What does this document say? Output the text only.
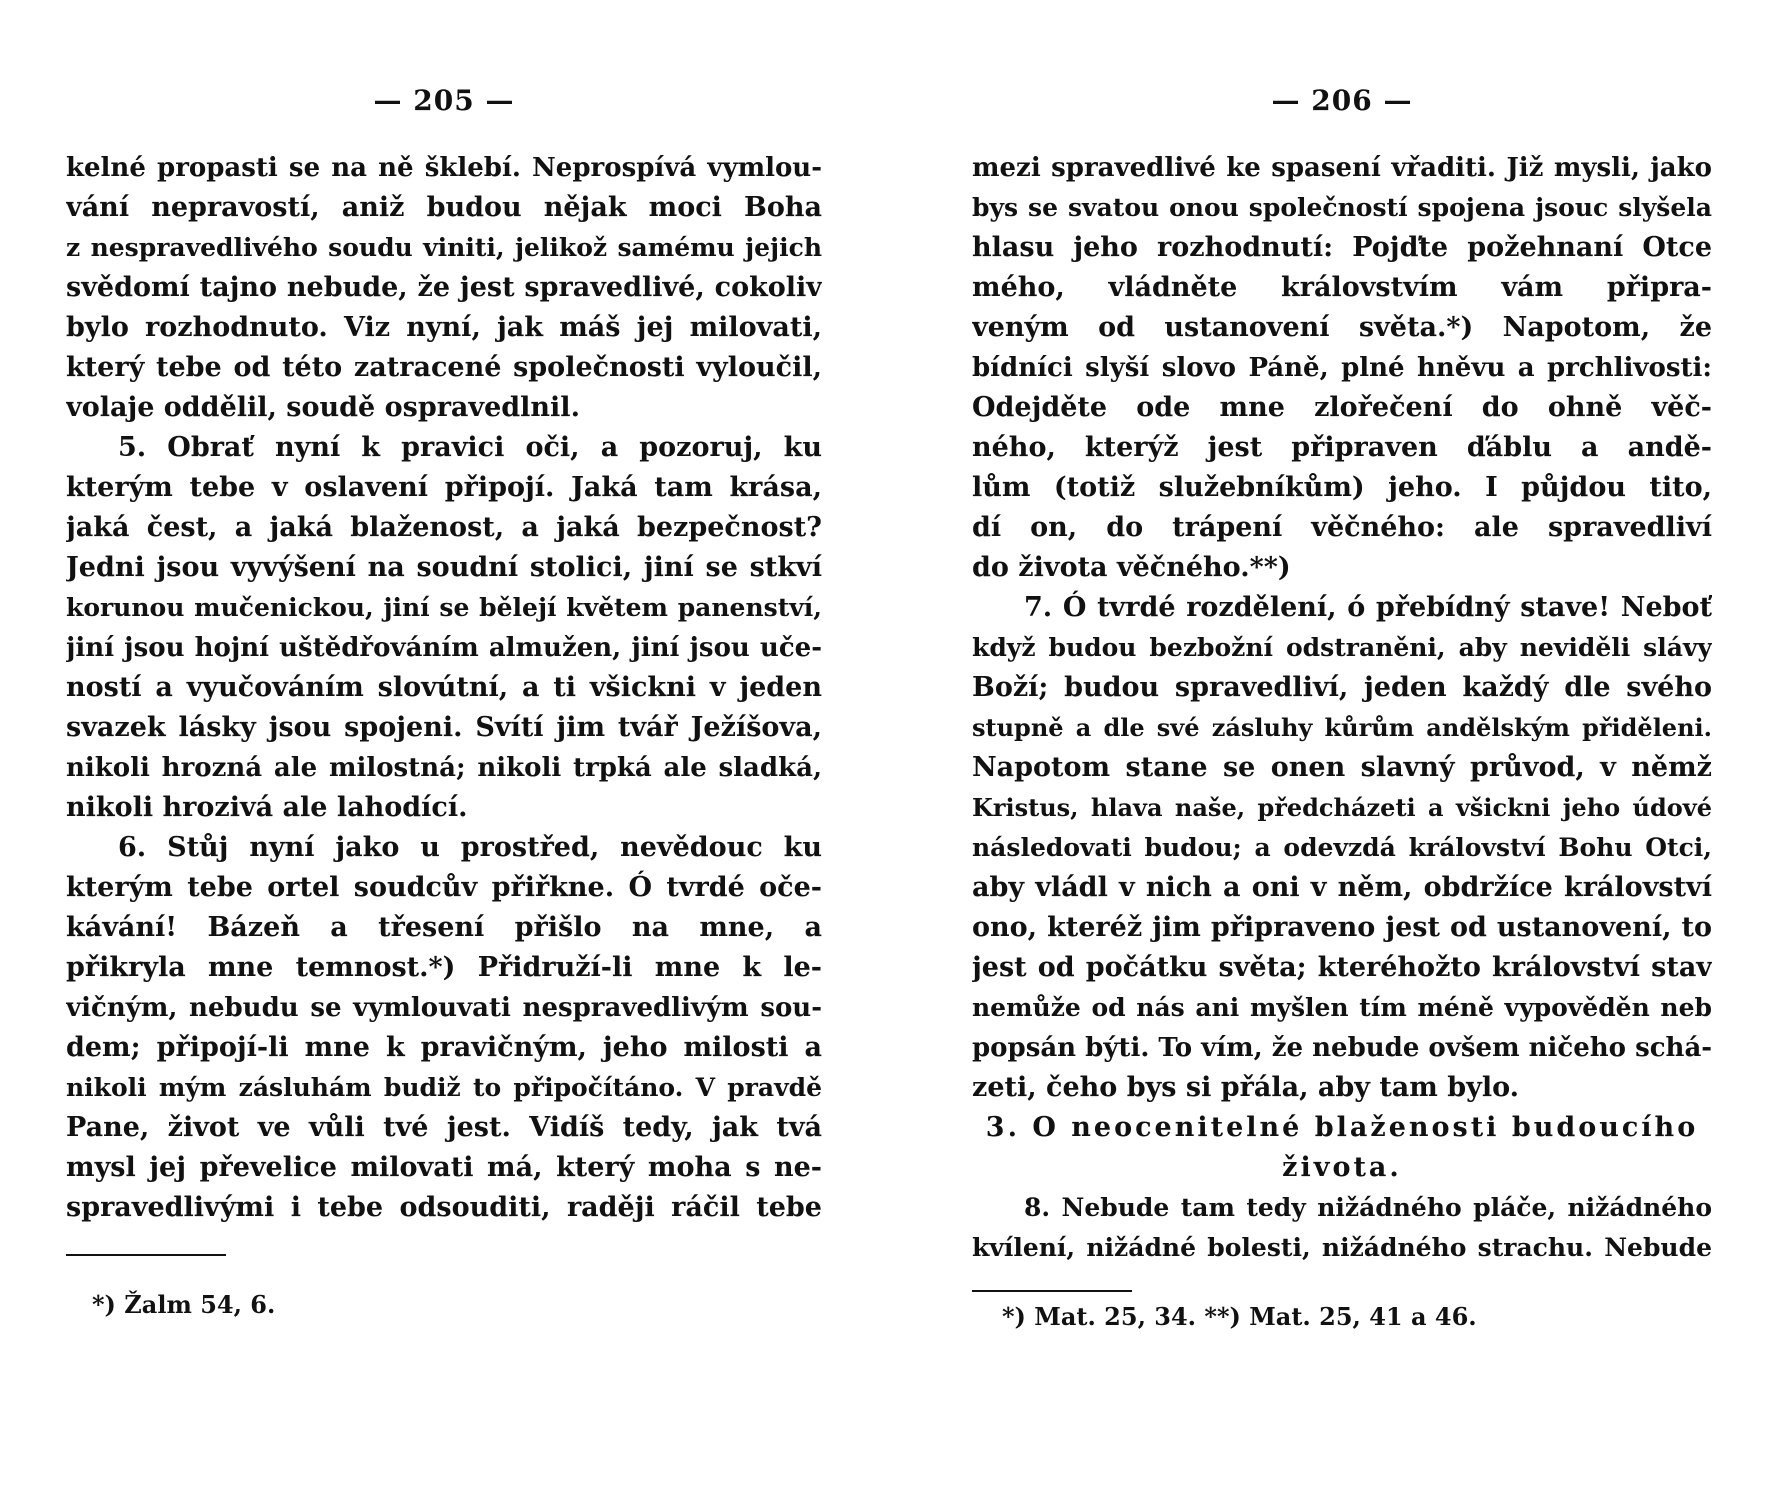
— 205 —
kelné propasti se na ně šklebí. Neprospívá vymlou-
vání nepravostí, aniž budou nějak moci Boha
z nespravedlivého soudu viniti, jelikož samému jejich
svědomí tajno nebude, že jest spravedlivé, cokoliv
bylo rozhodnuto. Viz nyní, jak máš jej milovati,
který tebe od této zatracené společnosti vyloučil,
volaje oddělil, soudě ospravedlnil.
5. Obrať nyní k pravici oči, a pozoruj, ku
kterým tebe v oslavení připojí. Jaká tam krása,
jaká čest, a jaká blaženost, a jaká bezpečnost?
Jedni jsou vyvýšení na soudní stolici, jiní se stkví
korunou mučenickou, jiní se bělejí květem panenství,
jiní jsou hojní uštědřováním almužen, jiní jsou uče-
ností a vyučováním slovútní, a ti všickni v jeden
svazek lásky jsou spojeni. Svítí jim tvář Ježíšova,
nikoli hrozná ale milostná; nikoli trpká ale sladká,
nikoli hrozivá ale lahodící.
6. Stůj nyní jako u prostřed, nevědouc ku
kterým tebe ortel soudcův přiřkne. Ó tvrdé oče-
kávání! Bázeň a třesení přišlo na mne, a
přikryla mne temnost.*) Přidruží-li mne k le-
vičným, nebudu se vymlouvati nespravedlivým sou-
dem; připojí-li mne k pravičným, jeho milosti a
nikoli mým zásluhám budiž to připočítáno. V pravdě
Pane, život ve vůli tvé jest. Vidíš tedy, jak tvá
mysl jej převelice milovati má, který moha s ne-
spravedlivými i tebe odsouditi, raději ráčil tebe
*) Žalm 54, 6.
— 206 —
mezi spravedlivé ke spasení vřaditi. Již mysli, jako
bys se svatou onou společností spojena jsouc slyšela
hlasu jeho rozhodnutí: Pojďte požehnaní Otce
mého, vládněte královstvím vám připra-
veným od ustanovení světa.*) Napotom, že
bídníci slyší slovo Páně, plné hněvu a prchlivosti:
Odejděte ode mne zlořečení do ohně věč-
ného, kterýž jest připraven ďáblu a andě-
lům (totiž služebníkům) jeho. I půjdou tito,
dí on, do trápení věčného: ale spravedliví
do života věčného.**)
7. Ó tvrdé rozdělení, ó přebídný stave! Neboť
když budou bezbožní odstraněni, aby neviděli slávy
Boží; budou spravedliví, jeden každý dle svého
stupně a dle své zásluhy kůrům andělským přiděleni.
Napotom stane se onen slavný průvod, v němž
Kristus, hlava naše, předcházeti a všickni jeho údové
následovati budou; a odevzdá království Bohu Otci,
aby vládl v nich a oni v něm, obdržíce království
ono, kteréž jim připraveno jest od ustanovení, to
jest od počátku světa; kteréhožto království stav
nemůže od nás ani myšlen tím méně vypověděn neb
popsán býti. To vím, že nebude ovšem ničeho schá-
zeti, čeho bys si přála, aby tam bylo.
3. O neocenitelné blaženosti budoucího
života.
8. Nebude tam tedy nižádného pláče, nižádného
kvílení, nižádné bolesti, nižádného strachu. Nebude
*) Mat. 25, 34. **) Mat. 25, 41 a 46.
